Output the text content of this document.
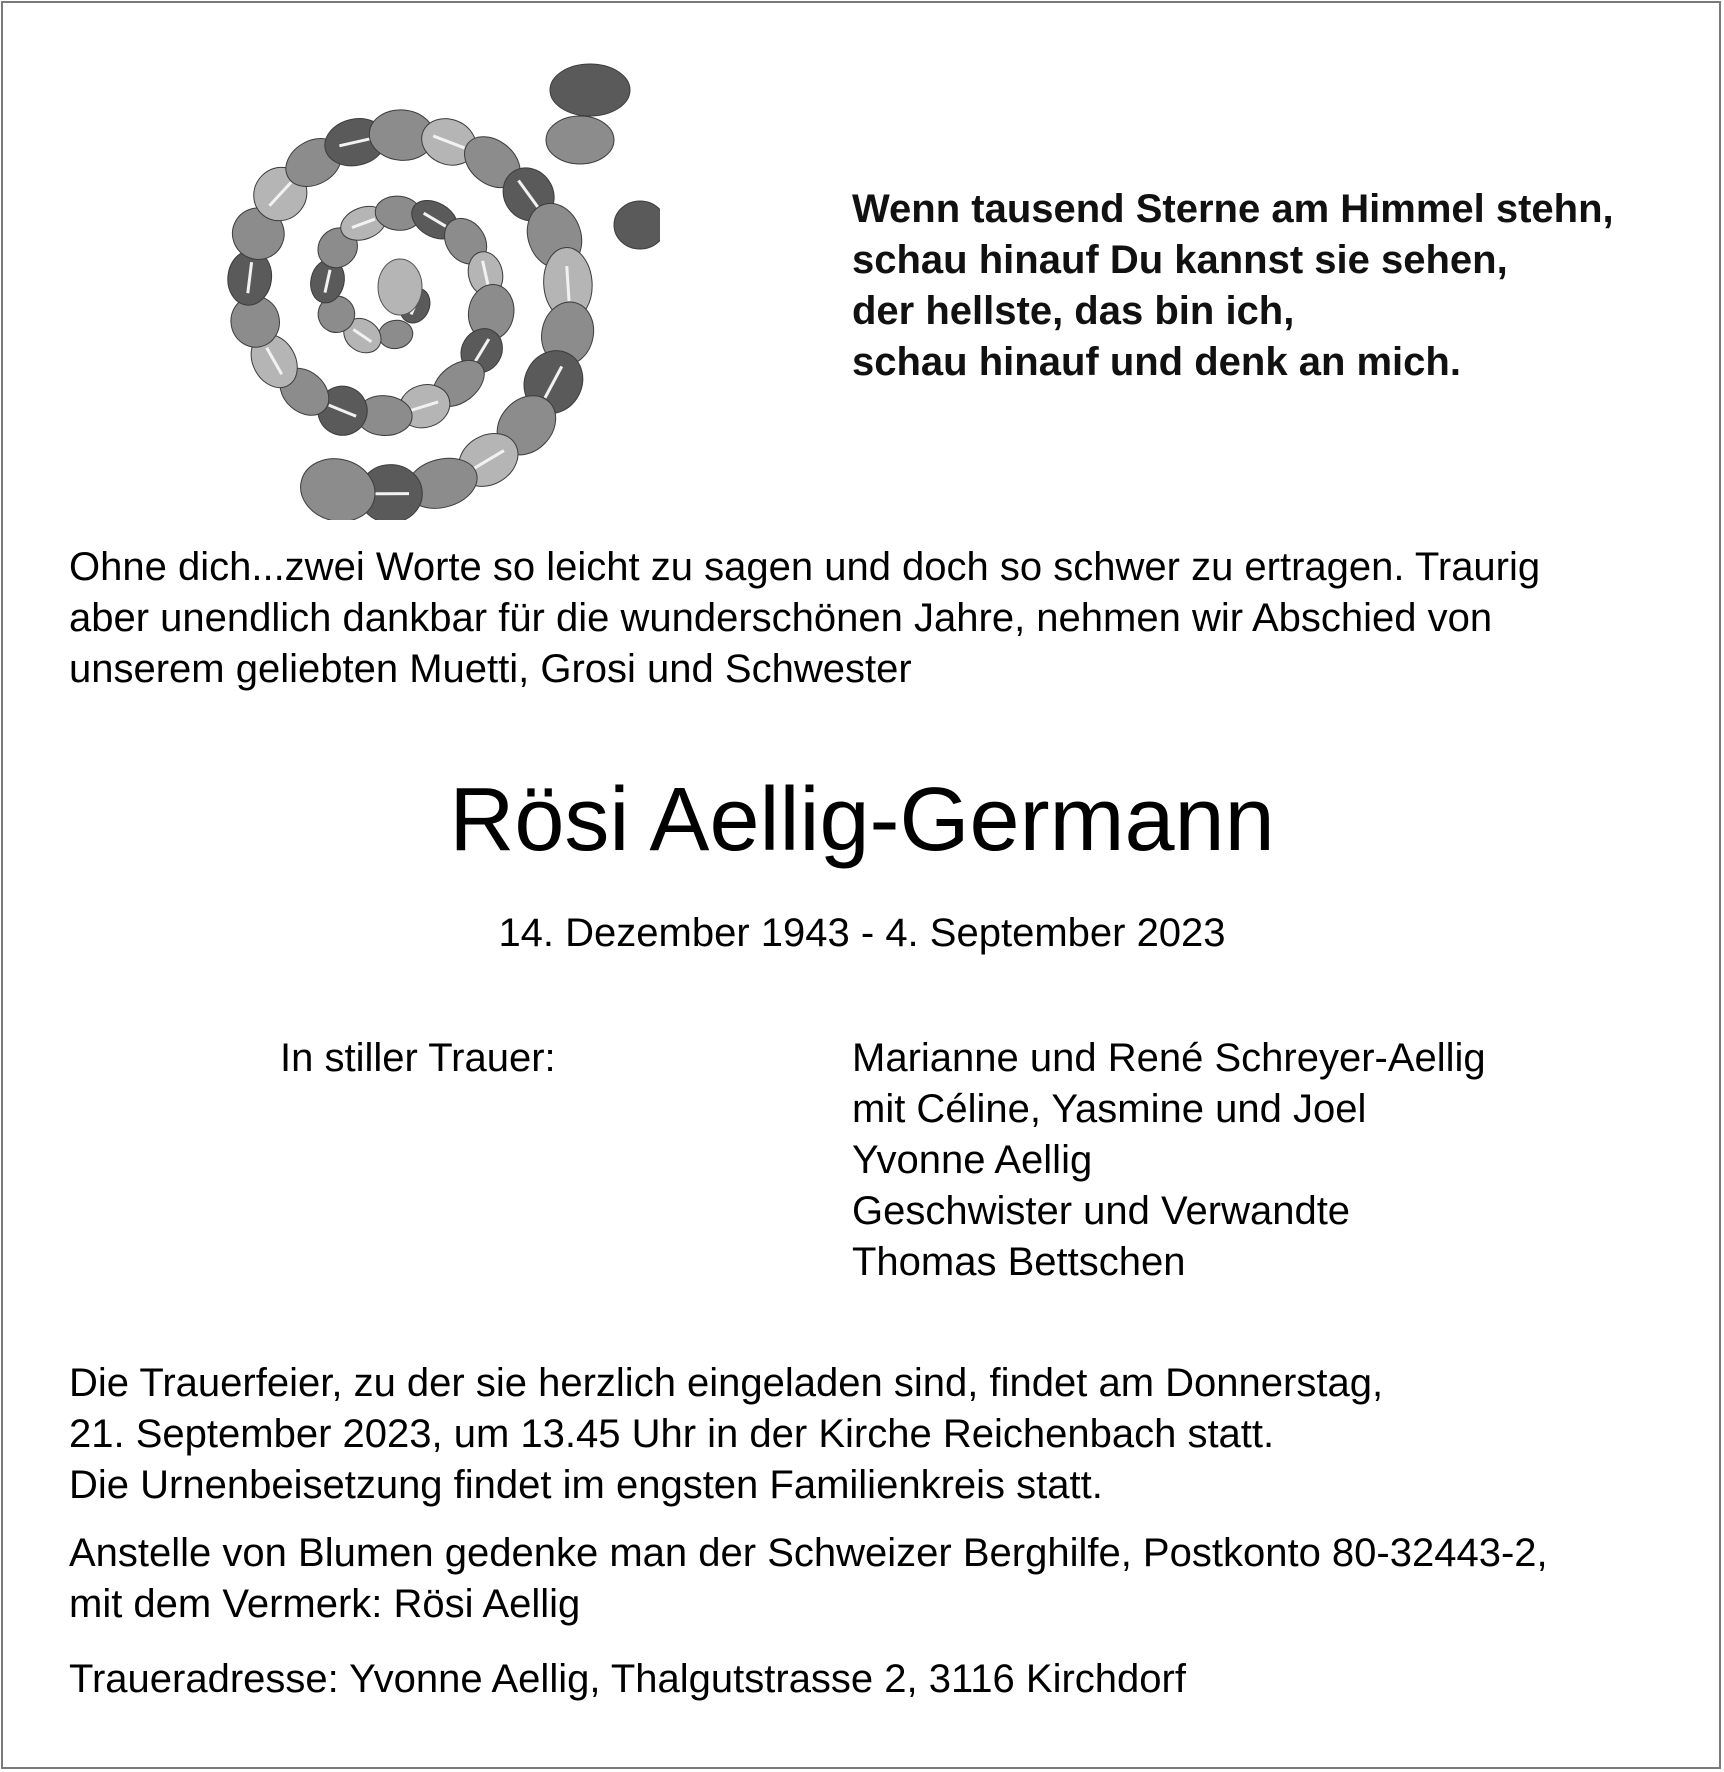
Wenn tausend Sterne am Himmel stehn,
schau hinauf Du kannst sie sehen,
der hellste, das bin ich,
schau hinauf und denk an mich.
Ohne dich...zwei Worte so leicht zu sagen und doch so schwer zu ertragen. Traurig
aber unendlich dankbar für die wunderschönen Jahre, nehmen wir Abschied von
unserem geliebten Muetti, Grosi und Schwester
Rösi Aellig-Germann
14. Dezember 1943 - 4. September 2023
In stiller Trauer:	Marianne und René Schreyer-Aellig
mit Céline, Yasmine und Joel
Yvonne Aellig
Geschwister und Verwandte
Thomas Bettschen
Die Trauerfeier, zu der sie herzlich eingeladen sind, findet am Donnerstag,
21. September 2023, um 13.45 Uhr in der Kirche Reichenbach statt.
Die Urnenbeisetzung findet im engsten Familienkreis statt.
Anstelle von Blumen gedenke man der Schweizer Berghilfe, Postkonto 80-32443-2,
mit dem Vermerk: Rösi Aellig
Traueradresse: Yvonne Aellig, Thalgutstrasse 2, 3116 Kirchdorf
